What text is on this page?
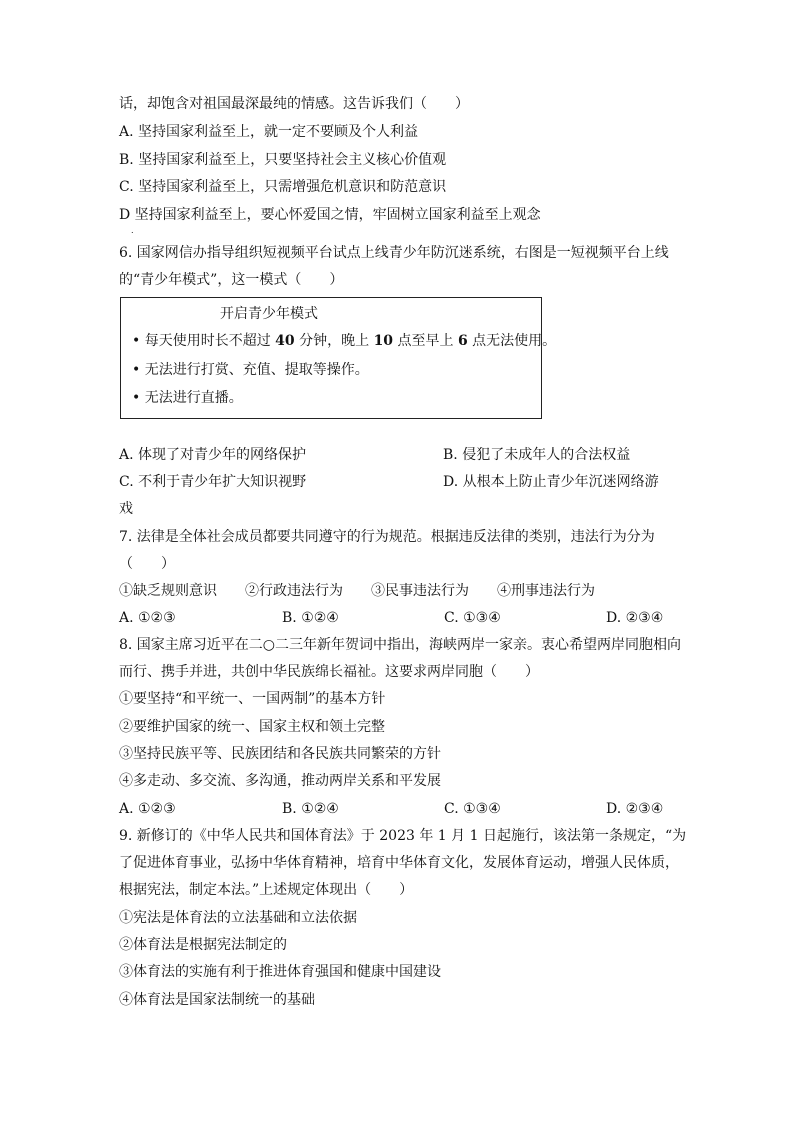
话，却饱含对祖国最深最纯的情感。这告诉我们（　　）
A. 坚持国家利益至上，就一定不要顾及个人利益
B. 坚持国家利益至上，只要坚持社会主义核心价值观
C. 坚持国家利益至上，只需增强危机意识和防范意识
D 坚持国家利益至上，要心怀爱国之情，牢固树立国家利益至上观念
.
6. 国家网信办指导组织短视频平台试点上线青少年防沉迷系统，右图是一短视频平台上线
的“青少年模式”，这一模式（　　）
开启青少年模式
• 每天使用时长不超过 40 分钟，晚上 10 点至早上 6 点无法使用。
• 无法进行打赏、充值、提取等操作。
• 无法进行直播。
A. 体现了对青少年的网络保护	B. 侵犯了未成年人的合法权益
C. 不利于青少年扩大知识视野	D. 从根本上防止青少年沉迷网络游
戏
7. 法律是全体社会成员都要共同遵守的行为规范。根据违反法律的类别，违法行为分为
（　　）
①缺乏规则意识　　②行政违法行为　　③民事违法行为　　④刑事违法行为
A. ①②③	B. ①②④	C. ①③④	D. ②③④
8. 国家主席习近平在二○二三年新年贺词中指出，海峡两岸一家亲。衷心希望两岸同胞相向
而行、携手并进，共创中华民族绵长福祉。这要求两岸同胞（　　）
①要坚持“和平统一、一国两制”的基本方针
②要维护国家的统一、国家主权和领土完整
③坚持民族平等、民族团结和各民族共同繁荣的方针
④多走动、多交流、多沟通，推动两岸关系和平发展
A. ①②③	B. ①②④	C. ①③④	D. ②③④
9. 新修订的《中华人民共和国体育法》于 2023 年 1 月 1 日起施行，该法第一条规定，“为
了促进体育事业，弘扬中华体育精神，培育中华体育文化，发展体育运动，增强人民体质，
根据宪法，制定本法。”上述规定体现出（　　）
①宪法是体育法的立法基础和立法依据
②体育法是根据宪法制定的
③体育法的实施有利于推进体育强国和健康中国建设
④体育法是国家法制统一的基础
